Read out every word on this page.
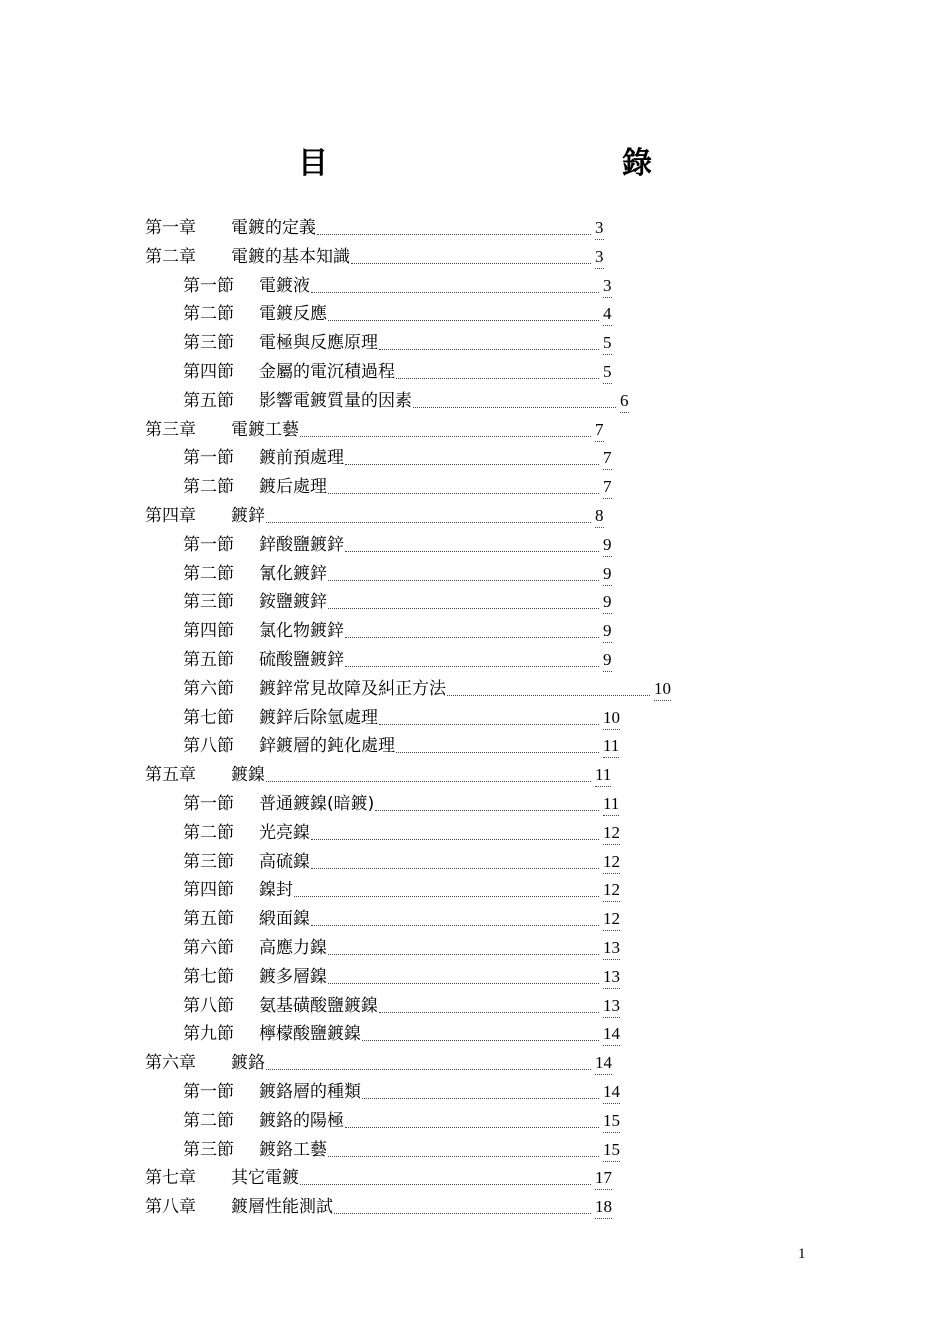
目　　錄
第一章 電鍍的定義	3
第二章 電鍍的基本知識	3
第一節 電鍍液	3
第二節 電鍍反應	4
第三節 電極與反應原理	5
第四節 金屬的電沉積過程	5
第五節 影響電鍍質量的因素	6
第三章 電鍍工藝	7
第一節 鍍前預處理	7
第二節 鍍后處理	7
第四章 鍍鋅	8
第一節 鋅酸鹽鍍鋅	9
第二節 氰化鍍鋅	9
第三節 銨鹽鍍鋅	9
第四節 氯化物鍍鋅	9
第五節 硫酸鹽鍍鋅	9
第六節 鍍鋅常見故障及糾正方法	10
第七節 鍍鋅后除氫處理	10
第八節 鋅鍍層的鈍化處理	11
第五章 鍍鎳	11
第一節 普通鍍鎳(暗鍍)	11
第二節 光亮鎳	12
第三節 高硫鎳	12
第四節 鎳封	12
第五節 緞面鎳	12
第六節 高應力鎳	13
第七節 鍍多層鎳	13
第八節 氨基磺酸鹽鍍鎳	13
第九節 檸檬酸鹽鍍鎳	14
第六章 鍍鉻	14
第一節 鍍鉻層的種類	14
第二節 鍍鉻的陽極	15
第三節 鍍鉻工藝	15
第七章 其它電鍍	17
第八章 鍍層性能測試	18
1
